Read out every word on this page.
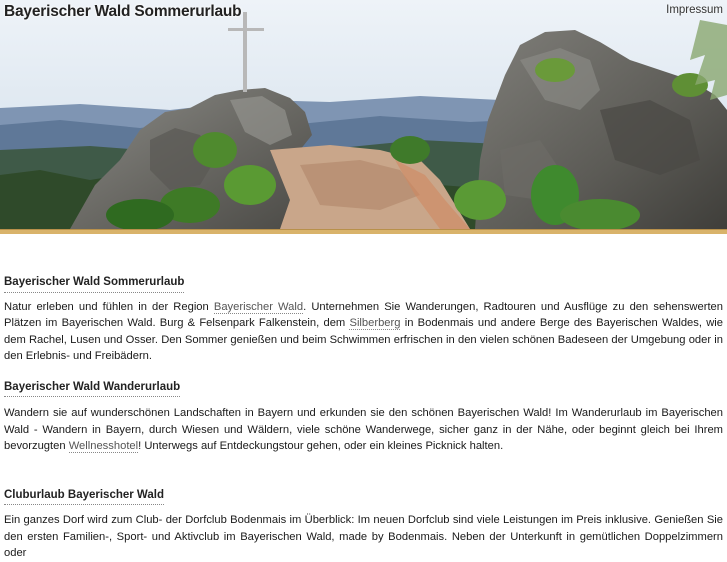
Bayerischer Wald Sommerurlaub	Impressum
Bayerischer Wald Sommerurlaub

Natur erleben und fühlen in der Region Bayerischer Wald. Unternehmen Sie Wanderungen, Radtouren und Ausflüge zu den sehenswerten Plätzen im Bayerischen Wald. Burg & Felsenpark Falkenstein, dem Silberberg in Bodenmais und andere Berge des Bayerischen Waldes, wie dem Rachel, Lusen und Osser. Den Sommer genießen und beim Schwimmen erfrischen in den vielen schönen Badeseen der Umgebung oder in den Erlebnis- und Freibädern.

Bayerischer Wald Wanderurlaub

Wandern sie auf wunderschönen Landschaften in Bayern und erkunden sie den schönen Bayerischen Wald! Im Wanderurlaub im Bayerischen Wald - Wandern in Bayern, durch Wiesen und Wäldern, viele schöne Wanderwege, sicher ganz in der Nähe, oder beginnt gleich bei Ihrem bevorzugten Wellnesshotel! Unterwegs auf Entdeckungstour gehen, oder ein kleines Picknick halten.

Cluburlaub Bayerischer Wald

Ein ganzes Dorf wird zum Club- der Dorfclub Bodenmais im Überblick: Im neuen Dorfclub sind viele Leistungen im Preis inklusive. Genießen Sie den ersten Familien-, Sport- und Aktivclub im Bayerischen Wald, made by Bodenmais. Neben der Unterkunft in gemütlichen Doppelzimmern oder
